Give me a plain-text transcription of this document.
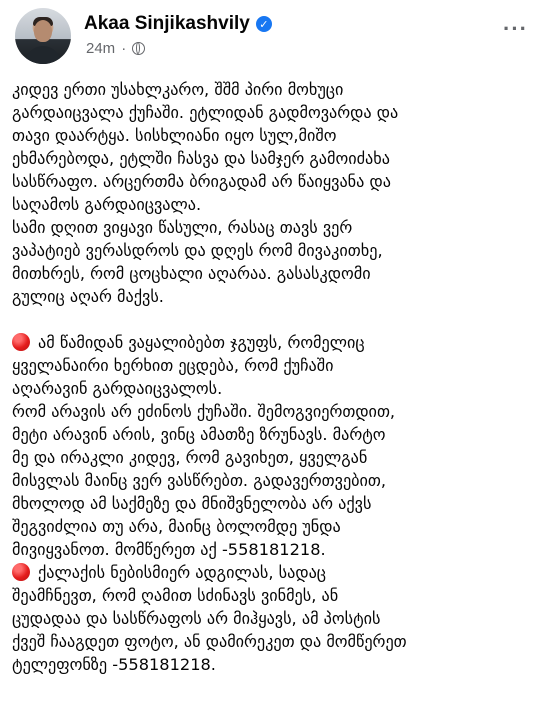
Akaa Sinjikashvily ✓
24m ·
···

კიდევ ერთი უსახლკარო, შშმ პირი მოხუცი

გარდაიცვალა ქუჩაში. ეტლიდან გადმოვარდა და

თავი დაარტყა. სისხლიანი იყო სულ,მიშო

ეხმარებოდა, ეტლში ჩასვა და სამჯერ გამოიძახა

სასწრაფო. არცერთმა ბრიგადამ არ წაიყვანა და

საღამოს გარდაიცვალა.

სამი დღით ვიყავი წასული, რასაც თავს ვერ

ვაპატიებ ვერასდროს და დღეს რომ მივაკითხე,

მითხრეს, რომ ცოცხალი აღარაა. გასასკდომი

გულიც აღარ მაქვს.

ამ წამიდან ვაყალიბებთ ჯგუფს, რომელიც

ყველანაირი ხერხით ეცდება, რომ ქუჩაში

აღარავინ გარდაიცვალოს.

რომ არავის არ ეძინოს ქუჩაში. შემოგვიერთდით,

მეტი არავინ არის, ვინც ამათზე ზრუნავს. მარტო

მე და ირაკლი კიდევ, რომ გავიხეთ, ყველგან

მისვლას მაინც ვერ ვასწრებთ. გადავერთვებით,

მხოლოდ ამ საქმეზე და მნიშვნელობა არ აქვს

შეგვიძლია თუ არა, მაინც ბოლომდე უნდა

მივიყვანოთ. მომწერეთ აქ -558181218.

ქალაქის ნებისმიერ ადგილას, სადაც

შეამჩნევთ, რომ ღამით სძინავს ვინმეს, ან

ცუდადაა და სასწრაფოს არ მიჰყავს, ამ პოსტის

ქვეშ ჩააგდეთ ფოტო, ან დამირეკეთ და მომწერეთ

ტელეფონზე -558181218.
